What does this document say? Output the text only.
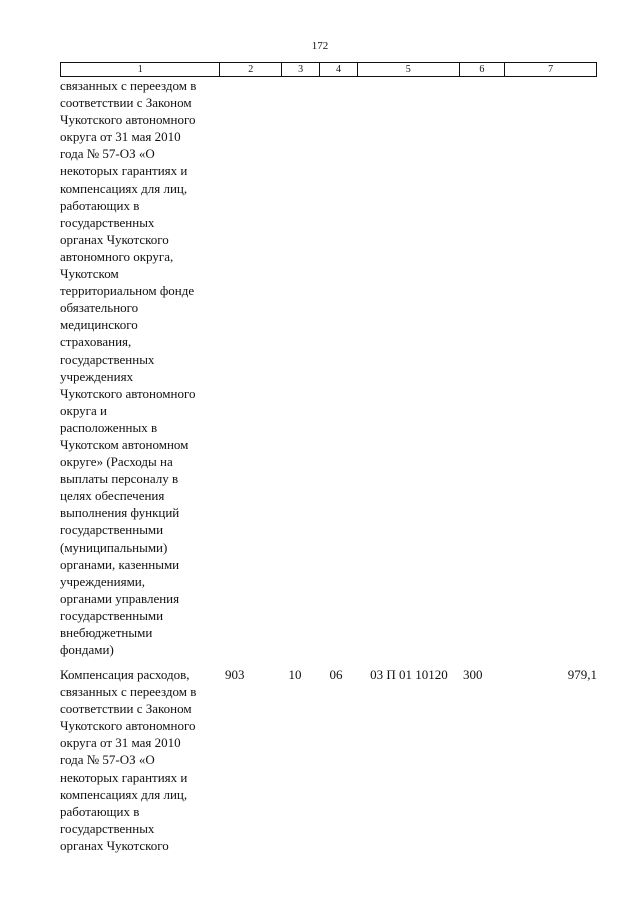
172
1	2	3	4	5	6	7
связанных с переездом в
соответствии с Законом
Чукотского автономного
округа от 31 мая 2010
года № 57-ОЗ «О
некоторых гарантиях и
компенсациях для лиц,
работающих в
государственных
органах Чукотского
автономного округа,
Чукотском
территориальном фонде
обязательного
медицинского
страхования,
государственных
учреждениях
Чукотского автономного
округа и
расположенных в
Чукотском автономном
округе» (Расходы на
выплаты персоналу в
целях обеспечения
выполнения функций
государственными
(муниципальными)
органами, казенными
учреждениями,
органами управления
государственными
внебюджетными
фондами)
Компенсация расходов,
связанных с переездом в
соответствии с Законом
Чукотского автономного
округа от 31 мая 2010
года № 57-ОЗ «О
некоторых гарантиях и
компенсациях для лиц,
работающих в
государственных
органах Чукотского
903	10	06	03 П 01 10120	300	979,1
